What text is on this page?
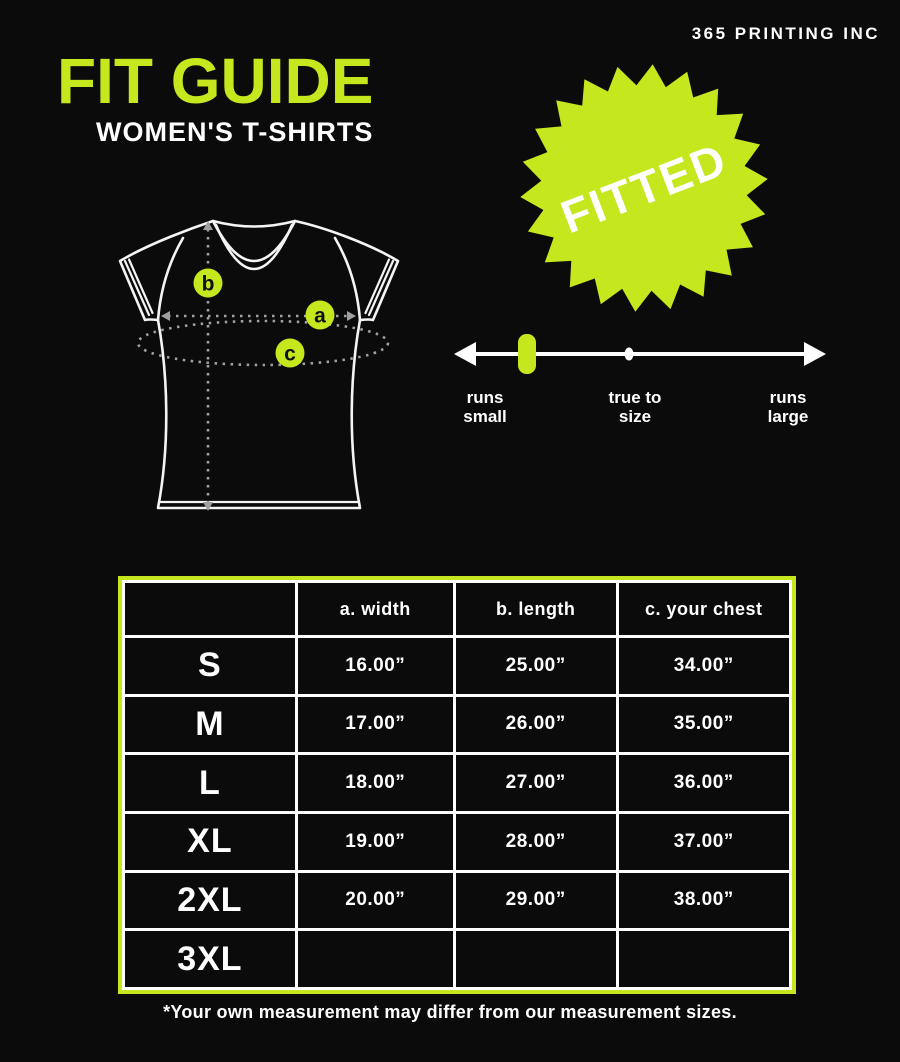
365 PRINTING INC
FIT GUIDE
WOMEN'S T-SHIRTS
FITTED
runs
small
true to
size
runs
large
b
a
c
	a. width	b. length	c. your chest
S	16.00”	25.00”	34.00”
M	17.00”	26.00”	35.00”
L	18.00”	27.00”	36.00”
XL	19.00”	28.00”	37.00”
2XL	20.00”	29.00”	38.00”
3XL			
*Your own measurement may differ from our measurement sizes.
